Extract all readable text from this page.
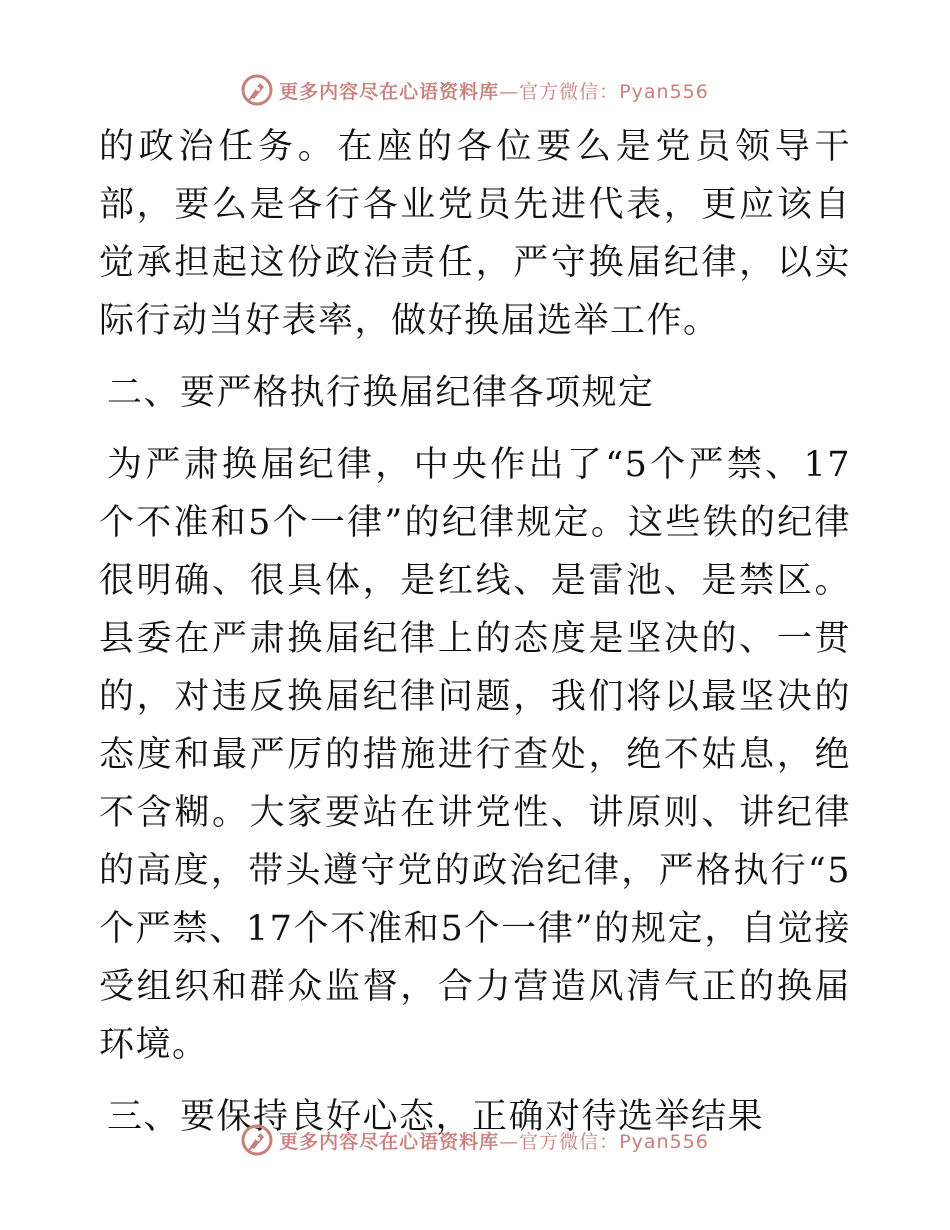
更多内容尽在心语资料库—官方微信：Pyan556

的政治任务。在座的各位要么是党员领导干部，要么是各行各业党员先进代表，更应该自觉承担起这份政治责任，严守换届纪律，以实际行动当好表率，做好换届选举工作。

二、要严格执行换届纪律各项规定

为严肃换届纪律，中央作出了“5个严禁、17个不准和5个一律”的纪律规定。这些铁的纪律很明确、很具体，是红线、是雷池、是禁区。县委在严肃换届纪律上的态度是坚决的、一贯的，对违反换届纪律问题，我们将以最坚决的态度和最严厉的措施进行查处，绝不姑息，绝不含糊。大家要站在讲党性、讲原则、讲纪律的高度，带头遵守党的政治纪律，严格执行“5个严禁、17个不准和5个一律”的规定，自觉接受组织和群众监督，合力营造风清气正的换届环境。

三、要保持良好心态，正确对待选举结果

更多内容尽在心语资料库—官方微信：Pyan556
